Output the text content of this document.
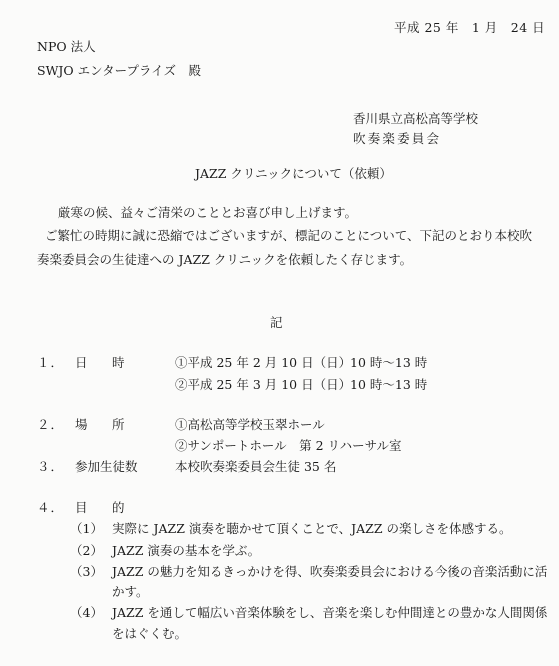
平成 25 年　1 月　24 日
NPO 法人
SWJO エンタープライズ　殿
香川県立高松高等学校
吹奏楽委員会
JAZZ クリニックについて（依頼）
厳寒の候、益々ご清栄のこととお喜び申し上げます。
ご繁忙の時期に誠に恐縮ではございますが、標記のことについて、下記のとおり本校吹
奏楽委員会の生徒達への JAZZ クリニックを依頼したく存じます。
記
１． 日 時	①平成 25 年 2 月 10 日（日）
10 時～13 時
②平成 25 年 3 月 10 日（日）
10 時～13 時
２． 場 所	①高松高等学校玉翠ホール
②サンポートホール　第 2 リハーサル室
３． 参加生徒数	本校吹奏楽委員会生徒 35 名
４． 目 的
（1） 実際に JAZZ 演奏を聴かせて頂くことで、JAZZ の楽しさを体感する。
（2） JAZZ 演奏の基本を学ぶ。
（3） JAZZ の魅力を知るきっかけを得、吹奏楽委員会における今後の音楽活動に活
かす。
（4） JAZZ を通して幅広い音楽体験をし、音楽を楽しむ仲間達との豊かな人間関係
をはぐくむ。
